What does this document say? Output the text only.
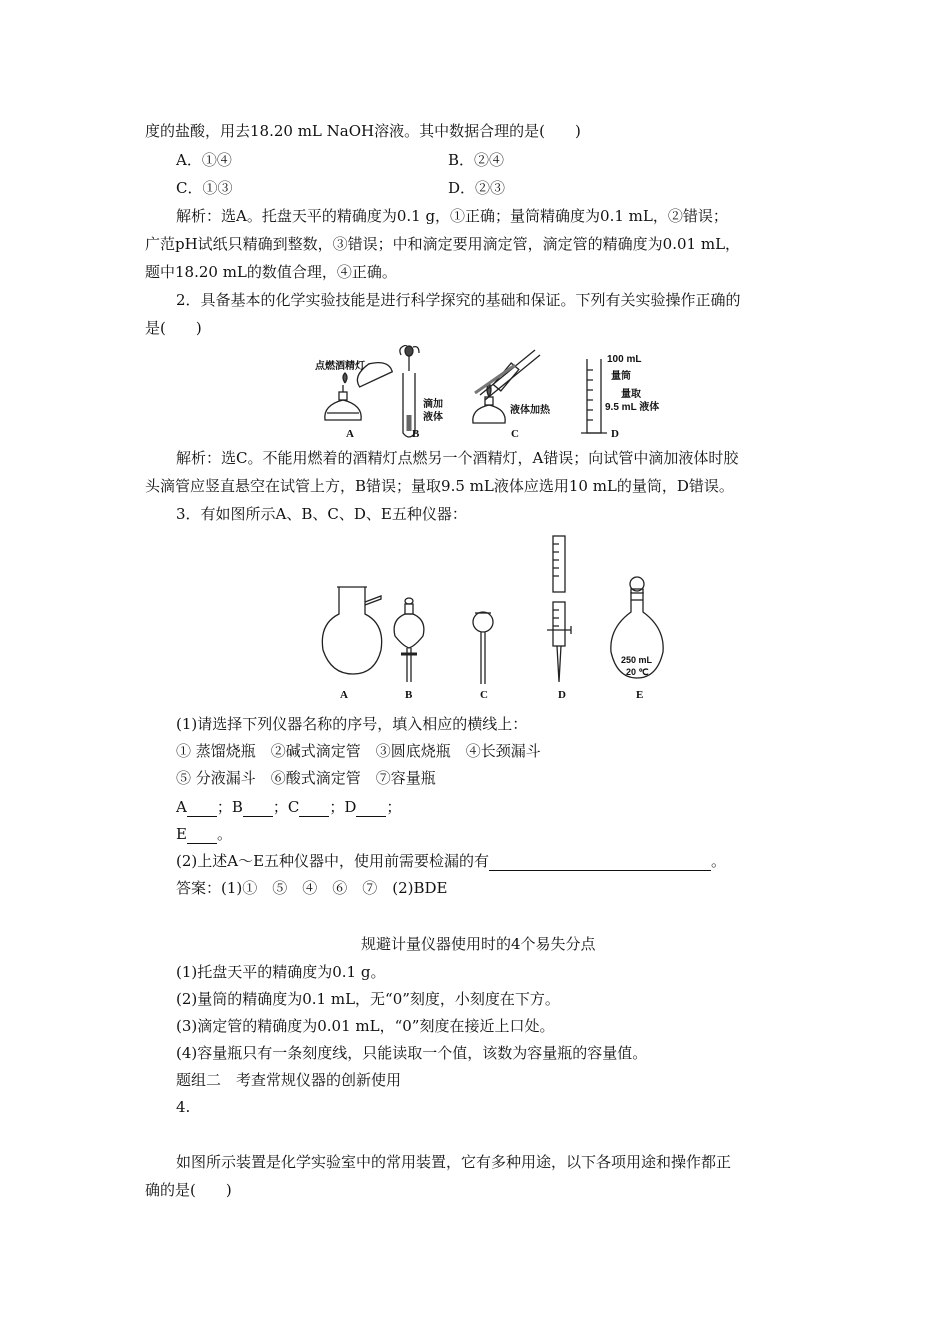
度的盐酸，用去18.20 mL NaOH溶液。其中数据合理的是(　　)
A．①④	B．②④
C．①③	D．②③
解析：选A。托盘天平的精确度为0.1 g，①正确；量筒精确度为0.1 mL，②错误；
广范pH试纸只精确到整数，③错误；中和滴定要用滴定管，滴定管的精确度为0.01 mL，
题中18.20 mL的数值合理，④正确。
2．具备基本的化学实验技能是进行科学探究的基础和保证。下列有关实验操作正确的
是(　　)
点燃酒精灯
滴加
液体
液体加热
100 mL
量筒
量取
9.5 mL 液体
A	B	C	D
解析：选C。不能用燃着的酒精灯点燃另一个酒精灯，A错误；向试管中滴加液体时胶
头滴管应竖直悬空在试管上方，B错误；量取9.5 mL液体应选用10 mL的量筒，D错误。
3．有如图所示A、B、C、D、E五种仪器：
250 mL
20 ℃
A	B	C	D	E
(1)请选择下列仪器名称的序号，填入相应的横线上：
① 蒸馏烧瓶　②碱式滴定管　③圆底烧瓶　④长颈漏斗
⑤ 分液漏斗　⑥酸式滴定管　⑦容量瓶
A ；B ；C ；D ；
E 。
(2)上述A～E五种仪器中，使用前需要检漏的有	。
答案：(1)①　⑤　④　⑥　⑦　(2)BDE
规避计量仪器使用时的4个易失分点
(1)托盘天平的精确度为0.1 g。
(2)量筒的精确度为0.1 mL，无“0”刻度，小刻度在下方。
(3)滴定管的精确度为0.01 mL，“0”刻度在接近上口处。
(4)容量瓶只有一条刻度线，只能读取一个值，该数为容量瓶的容量值。
题组二　考查常规仪器的创新使用
4.
如图所示装置是化学实验室中的常用装置，它有多种用途，以下各项用途和操作都正
确的是(　　)
